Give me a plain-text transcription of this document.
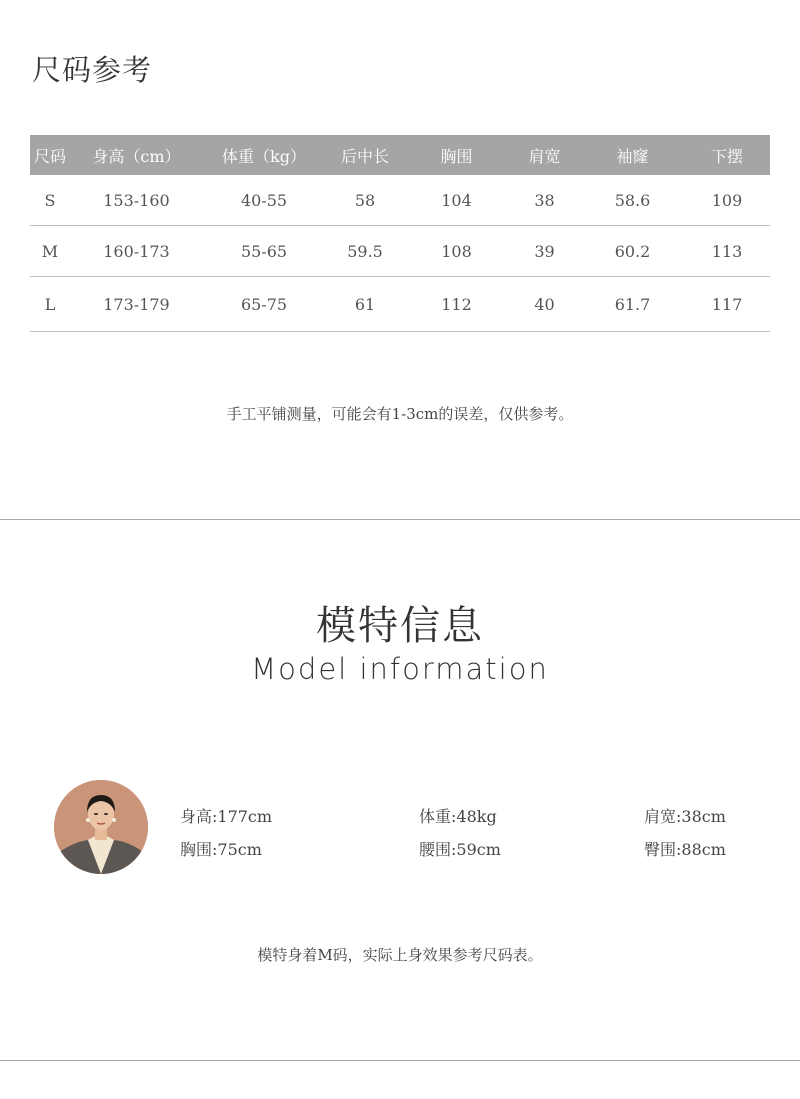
尺码参考
尺码	身高（cm）	体重（kg）	后中长	胸围	肩宽	袖窿	下摆
S	153-160	40-55	58	104	38	58.6	109
M	160-173	55-65	59.5	108	39	60.2	113
L	173-179	65-75	61	112	40	61.7	117
手工平铺测量，可能会有1-3cm的误差，仅供参考。
模特信息
Model information
身高:177cm	体重:48kg	肩宽:38cm
胸围:75cm	腰围:59cm	臀围:88cm
模特身着M码，实际上身效果参考尺码表。
